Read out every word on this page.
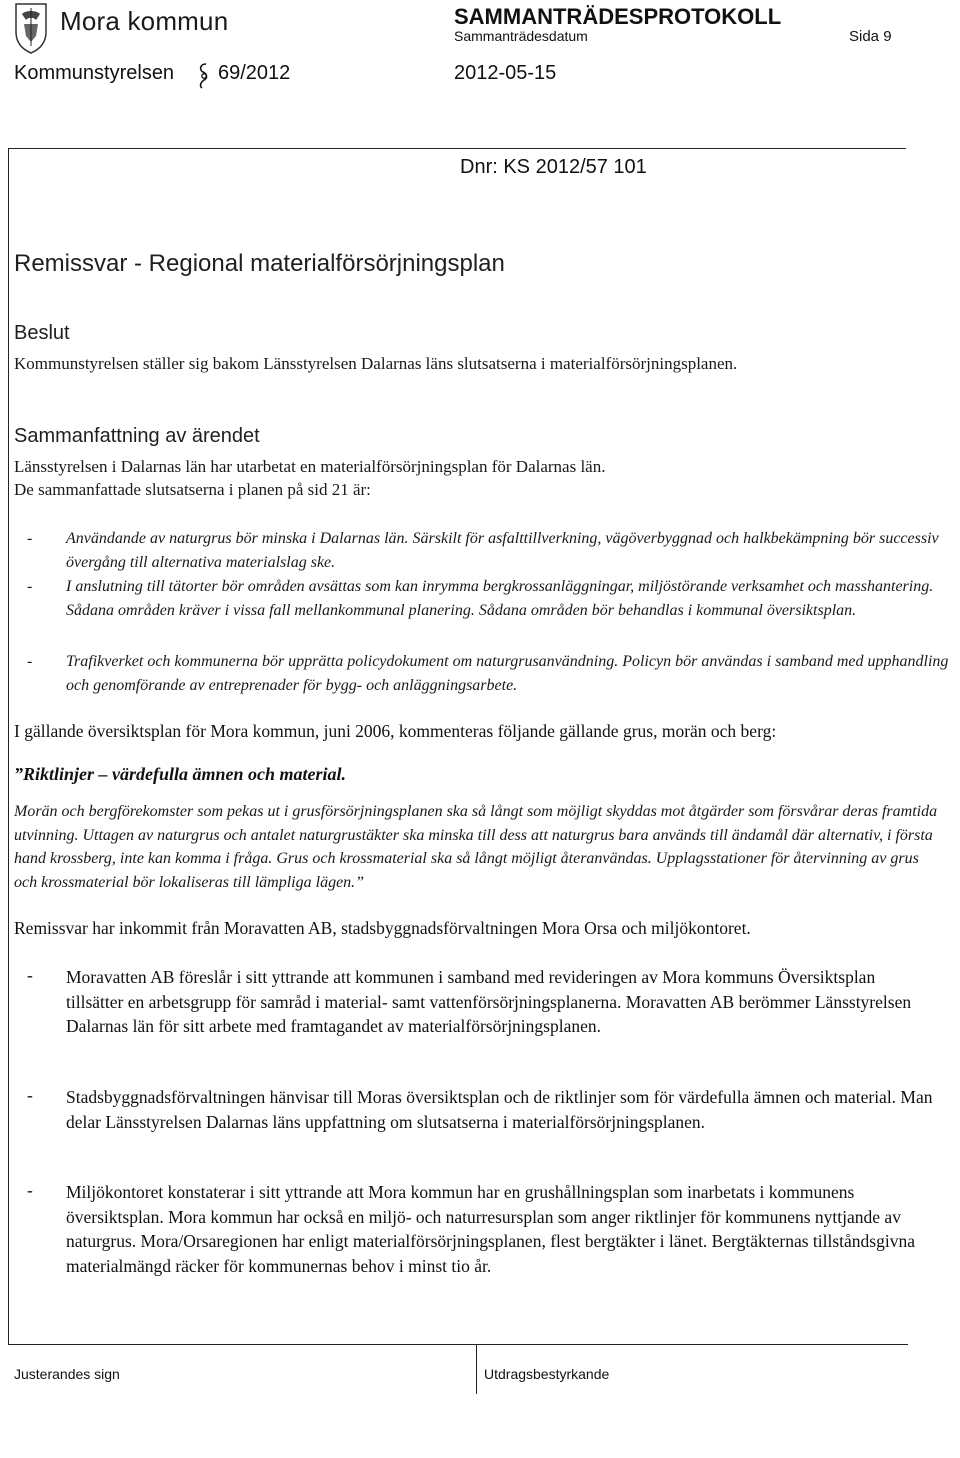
Mora kommun	SAMMANTRÄDESPROTOKOLL
Sammanträdesdatum	Sida 9
Kommunstyrelsen 69/2012	2012-05-15
Dnr: KS 2012/57 101
Remissvar - Regional materialförsörjningsplan
Beslut
Kommunstyrelsen ställer sig bakom Länsstyrelsen Dalarnas läns slutsatserna i materialförsörjningsplanen.
Sammanfattning av ärendet
Länsstyrelsen i Dalarnas län har utarbetat en materialförsörjningsplan för Dalarnas län.
De sammanfattade slutsatserna i planen på sid 21 är:
- Användande av naturgrus bör minska i Dalarnas län. Särskilt för asfalttillverkning, vägöverbyggnad och halkbekämpning bör successiv övergång till alternativa materialslag ske.
- I anslutning till tätorter bör områden avsättas som kan inrymma bergkrossanläggningar, miljöstörande verksamhet och masshantering. Sådana områden kräver i vissa fall mellankommunal planering. Sådana områden bör behandlas i kommunal översiktsplan.
- Trafikverket och kommunerna bör upprätta policydokument om naturgrusanvändning. Policyn bör användas i samband med upphandling och genomförande av entreprenader för bygg- och anläggningsarbete.
I gällande översiktsplan för Mora kommun, juni 2006, kommenteras följande gällande grus, morän och berg:
”Riktlinjer – värdefulla ämnen och material.
Morän och bergförekomster som pekas ut i grusförsörjningsplanen ska så långt som möjligt skyddas mot åtgärder som försvårar deras framtida utvinning. Uttagen av naturgrus och antalet naturgrustäkter ska minska till dess att naturgrus bara används till ändamål där alternativ, i första hand krossberg, inte kan komma i fråga. Grus och krossmaterial ska så långt möjligt återanvändas. Upplagsstationer för återvinning av grus och krossmaterial bör lokaliseras till lämpliga lägen.”
Remissvar har inkommit från Moravatten AB, stadsbyggnadsförvaltningen Mora Orsa och miljökontoret.
- Moravatten AB föreslår i sitt yttrande att kommunen i samband med revideringen av Mora kommuns Översiktsplan tillsätter en arbetsgrupp för samråd i material- samt vattenförsörjningsplanerna. Moravatten AB berömmer Länsstyrelsen Dalarnas län för sitt arbete med framtagandet av materialförsörjningsplanen.
- Stadsbyggnadsförvaltningen hänvisar till Moras översiktsplan och de riktlinjer som för värdefulla ämnen och material. Man delar Länsstyrelsen Dalarnas läns uppfattning om slutsatserna i materialförsörjningsplanen.
- Miljökontoret konstaterar i sitt yttrande att Mora kommun har en grushållningsplan som inarbetats i kommunens översiktsplan. Mora kommun har också en miljö- och naturresursplan som anger riktlinjer för kommunens nyttjande av naturgrus. Mora/Orsaregionen har enligt materialförsörjningsplanen, flest bergtäkter i länet. Bergtäkternas tillståndsgivna materialmängd räcker för kommunernas behov i minst tio år.
Justerandes sign	Utdragsbestyrkande
